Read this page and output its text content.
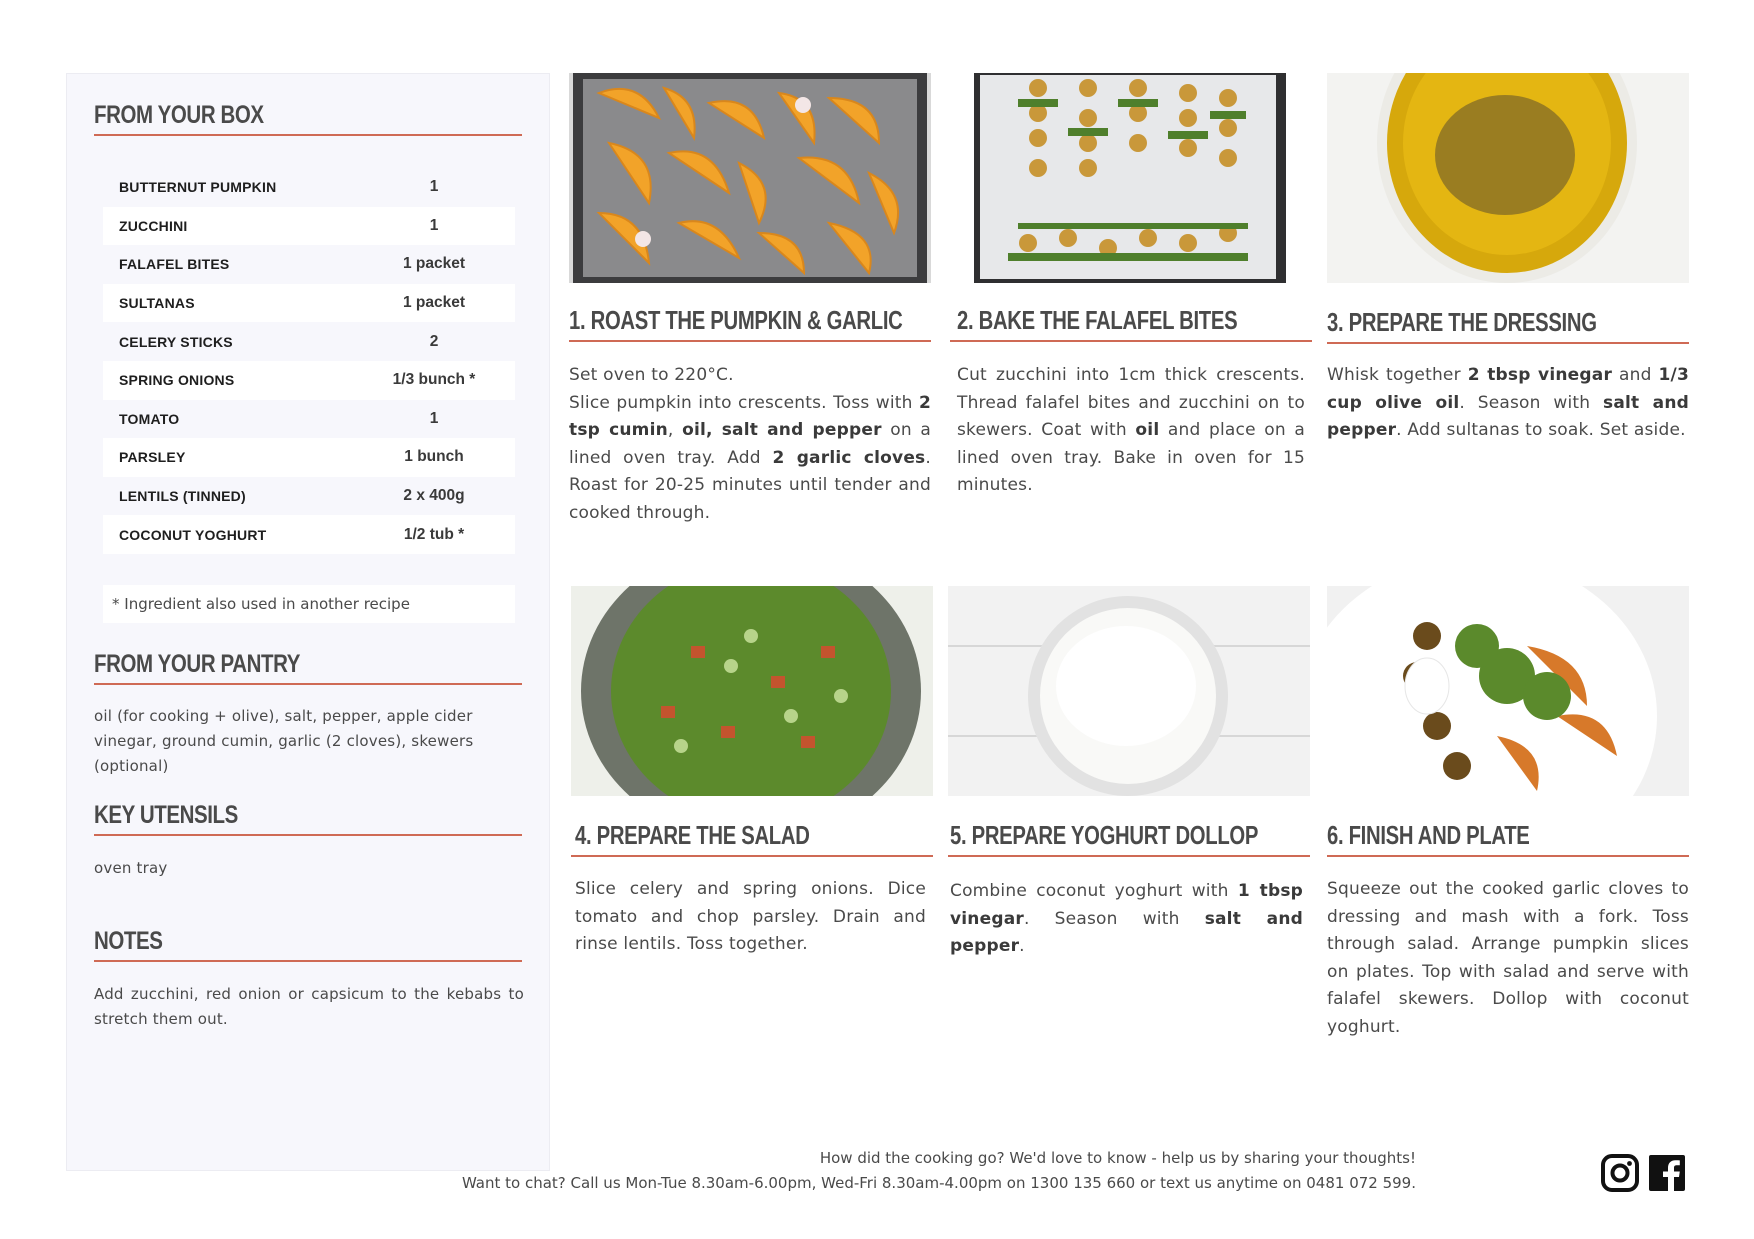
FROM YOUR BOX
BUTTERNUT PUMPKIN	1
ZUCCHINI	1
FALAFEL BITES	1 packet
SULTANAS	1 packet
CELERY STICKS	2
SPRING ONIONS	1/3 bunch *
TOMATO	1
PARSLEY	1 bunch
LENTILS (TINNED)	2 x 400g
COCONUT YOGHURT	1/2 tub *
* Ingredient also used in another recipe
FROM YOUR PANTRY
oil (for cooking + olive), salt, pepper, apple cider vinegar, ground cumin, garlic (2 cloves), skewers (optional)
KEY UTENSILS
oven tray
NOTES
Add zucchini, red onion or capsicum to the kebabs to stretch them out.
1. ROAST THE PUMPKIN & GARLIC
Set oven to 220°C.
Slice pumpkin into crescents. Toss with 2 tsp cumin, oil, salt and pepper on a lined oven tray. Add 2 garlic cloves. Roast for 20-25 minutes until tender and cooked through.
2. BAKE THE FALAFEL BITES
Cut zucchini into 1cm thick crescents. Thread falafel bites and zucchini on to skewers. Coat with oil and place on a lined oven tray. Bake in oven for 15 minutes.
3. PREPARE THE DRESSING
Whisk together 2 tbsp vinegar and 1/3 cup olive oil. Season with salt and pepper. Add sultanas to soak. Set aside.
4. PREPARE THE SALAD
Slice celery and spring onions. Dice tomato and chop parsley. Drain and rinse lentils. Toss together.
5. PREPARE YOGHURT DOLLOP
Combine coconut yoghurt with 1 tbsp vinegar. Season with salt and pepper.
6. FINISH AND PLATE
Squeeze out the cooked garlic cloves to dressing and mash with a fork. Toss through salad. Arrange pumpkin slices on plates. Top with salad and serve with falafel skewers. Dollop with coconut yoghurt.
How did the cooking go? We'd love to know - help us by sharing your thoughts!
Want to chat? Call us Mon-Tue 8.30am-6.00pm, Wed-Fri 8.30am-4.00pm on 1300 135 660 or text us anytime on 0481 072 599.
